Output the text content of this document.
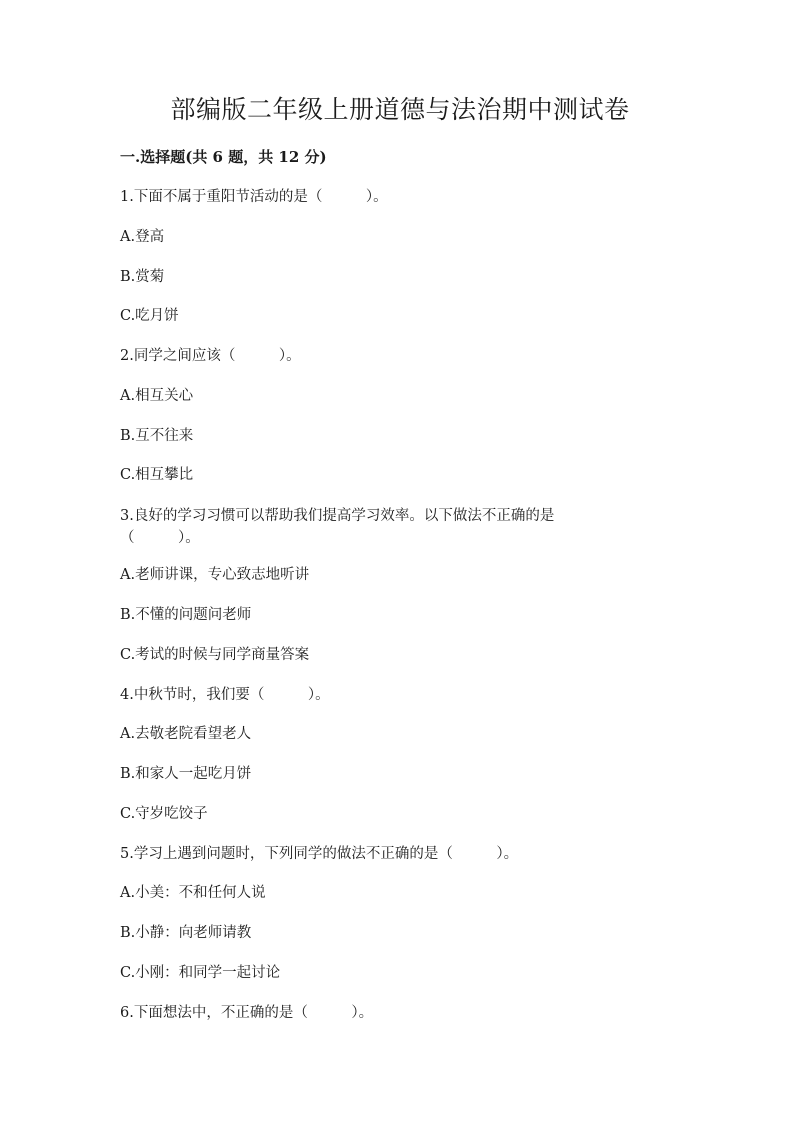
部编版二年级上册道德与法治期中测试卷
一.选择题(共 6 题，共 12 分)
1.下面不属于重阳节活动的是（　　　）。
A.登高
B.赏菊
C.吃月饼
2.同学之间应该（　　　）。
A.相互关心
B.互不往来
C.相互攀比
3.良好的学习习惯可以帮助我们提高学习效率。以下做法不正确的是（　　　）。
A.老师讲课，专心致志地听讲
B.不懂的问题问老师
C.考试的时候与同学商量答案
4.中秋节时，我们要（　　　）。
A.去敬老院看望老人
B.和家人一起吃月饼
C.守岁吃饺子
5.学习上遇到问题时，下列同学的做法不正确的是（　　　）。
A.小美：不和任何人说
B.小静：向老师请教
C.小刚：和同学一起讨论
6.下面想法中，不正确的是（　　　）。
